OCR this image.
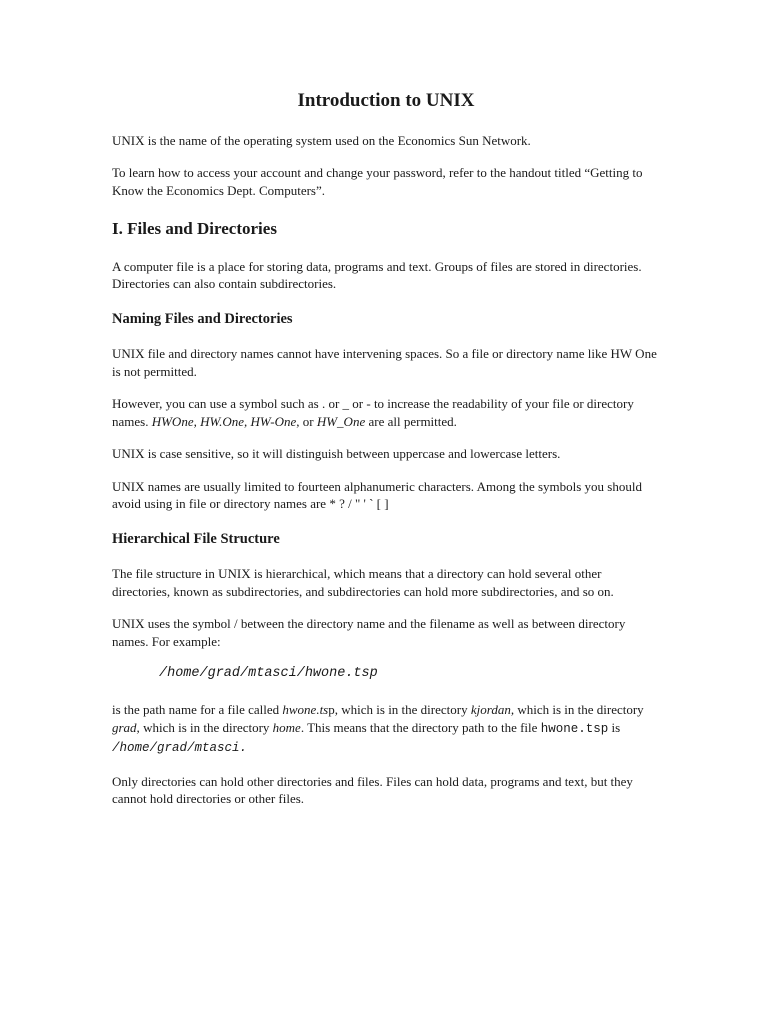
Introduction to UNIX

UNIX is the name of the operating system used on the Economics Sun Network.

To learn how to access your account and change your password, refer to the handout titled “Getting to Know the Economics Dept. Computers”.

I. Files and Directories

A computer file is a place for storing data, programs and text. Groups of files are stored in directories. Directories can also contain subdirectories.

Naming Files and Directories

UNIX file and directory names cannot have intervening spaces. So a file or directory name like HW One is not permitted.

However, you can use a symbol such as . or _ or - to increase the readability of your file or directory names. HWOne, HW.One, HW-One, or HW_One are all permitted.

UNIX is case sensitive, so it will distinguish between uppercase and lowercase letters.

UNIX names are usually limited to fourteen alphanumeric characters. Among the symbols you should avoid using in file or directory names are * ? / " ' ` [ ]

Hierarchical File Structure

The file structure in UNIX is hierarchical, which means that a directory can hold several other directories, known as subdirectories, and subdirectories can hold more subdirectories, and so on.

UNIX uses the symbol / between the directory name and the filename as well as between directory names. For example:

/home/grad/mtasci/hwone.tsp

is the path name for a file called hwone.tsp, which is in the directory kjordan, which is in the directory grad, which is in the directory home. This means that the directory path to the file hwone.tsp is /home/grad/mtasci.

Only directories can hold other directories and files. Files can hold data, programs and text, but they cannot hold directories or other files.
